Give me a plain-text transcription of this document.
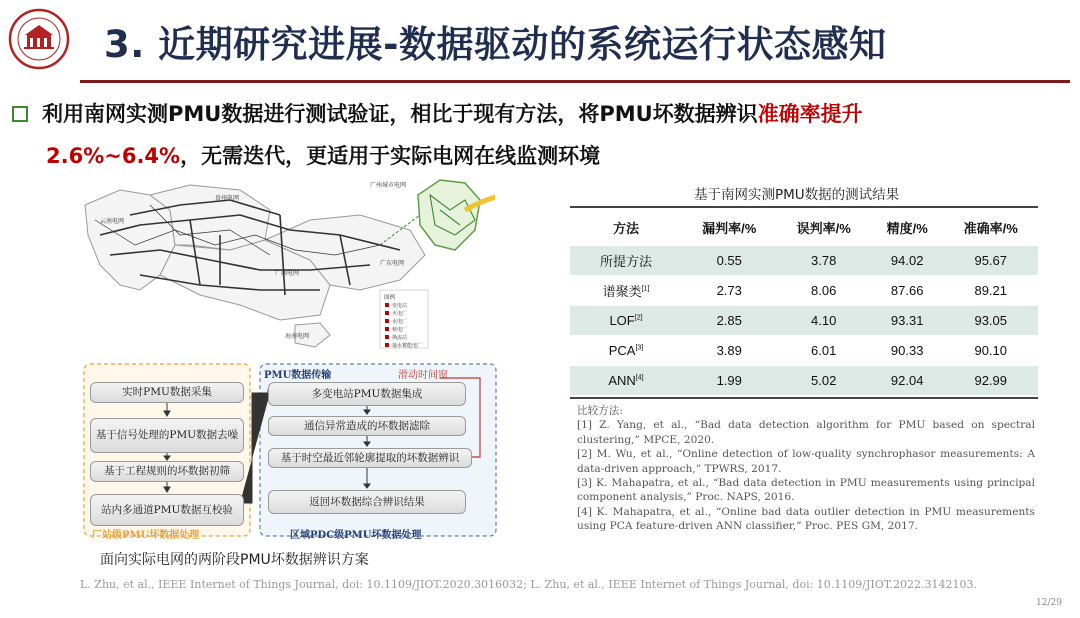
3. 近期研究进展-数据驱动的系统运行状态感知
利用南网实测PMU数据进行测试验证，相比于现有方法，将PMU坏数据辨识准确率提升
2.6%~6.4%，无需迭代，更适用于实际电网在线监测环境
云南电网
贵州电网
广西电网
广东电网
海南电网
广州城市电网
图例
变电站
火电厂
水电厂
核电厂
换流站
抽水蓄能电厂
实时PMU数据采集
基于信号处理的PMU数据去噪
基于工程规则的坏数据初筛
站内多通道PMU数据互校验
厂站级PMU坏数据处理
PMU数据传输	滑动时间窗
多变电站PMU数据集成
通信异常造成的坏数据滤除
基于时空最近邻轮廓提取的坏数据辨识
返回坏数据综合辨识结果
区域PDC级PMU坏数据处理
面向实际电网的两阶段PMU坏数据辨识方案
基于南网实测PMU数据的测试结果
方法	漏判率/%	误判率/%	精度/%	准确率/%
所提方法	0.55	3.78	94.02	95.67
谱聚类[1]	2.73	8.06	87.66	89.21
LOF[2]	2.85	4.10	93.31	93.05
PCA[3]	3.89	6.01	90.33	90.10
ANN[4]	1.99	5.02	92.04	92.99

比较方法:

[1] Z. Yang, et al., “Bad data detection algorithm for PMU based on spectral clustering,” MPCE, 2020.

[2] M. Wu, et al., “Online detection of low-quality synchrophasor measurements: A data-driven approach,” TPWRS, 2017.

[3] K. Mahapatra, et al., “Bad data detection in PMU measurements using principal component analysis,” Proc. NAPS, 2016.

[4] K. Mahapatra, et al., “Online bad data outlier detection in PMU measurements using PCA feature-driven ANN classifier,” Proc. PES GM, 2017.

L. Zhu, et al., IEEE Internet of Things Journal, doi: 10.1109/JIOT.2020.3016032; L. Zhu, et al., IEEE Internet of Things Journal, doi: 10.1109/JIOT.2022.3142103.
12/29
